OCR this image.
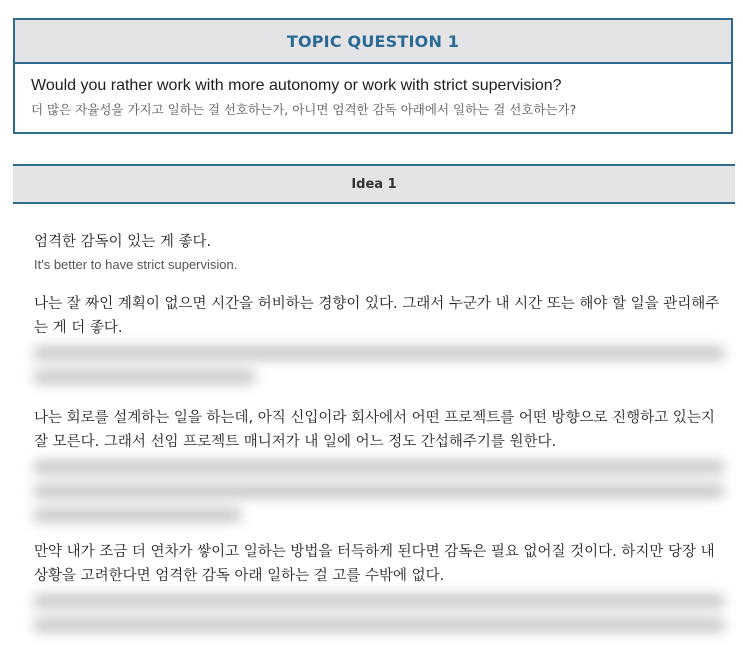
TOPIC QUESTION 1
Would you rather work with more autonomy or work with strict supervision?
더 많은 자율성을 가지고 일하는 걸 선호하는가, 아니면 엄격한 감독 아래에서 일하는 걸 선호하는가?
Idea 1
엄격한 감독이 있는 게 좋다.
It's better to have strict supervision.
나는 잘 짜인 계획이 없으면 시간을 허비하는 경향이 있다. 그래서 누군가 내 시간 또는 해야 할 일을 관리해주는 게 더 좋다.
나는 회로를 설계하는 일을 하는데, 아직 신입이라 회사에서 어떤 프로젝트를 어떤 방향으로 진행하고 있는지 잘 모른다. 그래서 선임 프로젝트 매니저가 내 일에 어느 정도 간섭해주기를 원한다.
만약 내가 조금 더 연차가 쌓이고 일하는 방법을 터득하게 된다면 감독은 필요 없어질 것이다. 하지만 당장 내 상황을 고려한다면 엄격한 감독 아래 일하는 걸 고를 수밖에 없다.
